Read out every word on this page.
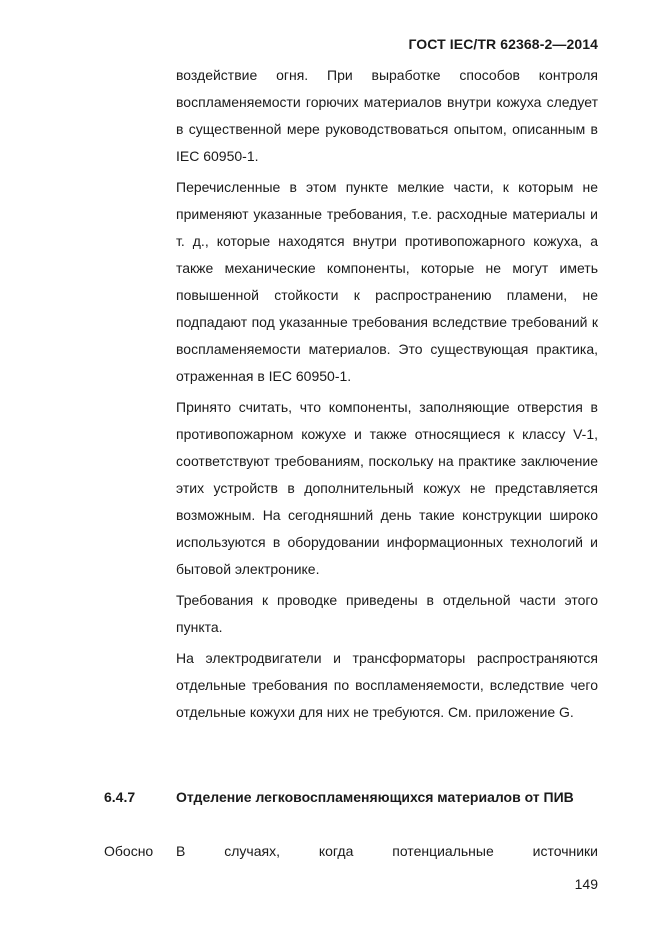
ГОСТ IEC/TR 62368-2—2014

воздействие огня. При выработке способов контроля воспламеняемости горючих материалов внутри кожуха следует в существенной мере руководствоваться опытом, описанным в IEC 60950-1.

Перечисленные в этом пункте мелкие части, к которым не применяют указанные требования, т.е. расходные материалы и т. д., которые находятся внутри противопожарного кожуха, а также механические компоненты, которые не могут иметь повышенной стойкости к распространению пламени, не подпадают под указанные требования вследствие требований к воспламеняемости материалов. Это существующая практика, отраженная в IEC 60950-1.

Принято считать, что компоненты, заполняющие отверстия в противопожарном кожухе и также относящиеся к классу V-1, соответствуют требованиям, поскольку на практике заключение этих устройств в дополнительный кожух не представляется возможным. На сегодняшний день такие конструкции широко используются в оборудовании информационных технологий и бытовой электронике.

Требования к проводке приведены в отдельной части этого пункта.

На электродвигатели и трансформаторы распространяются отдельные требования по воспламеняемости, вследствие чего отдельные кожухи для них не требуются. См. приложение G.

6.4.7	Отделение легковоспламеняющихся материалов от ПИВ
Обосно В случаях, когда потенциальные источники
149
